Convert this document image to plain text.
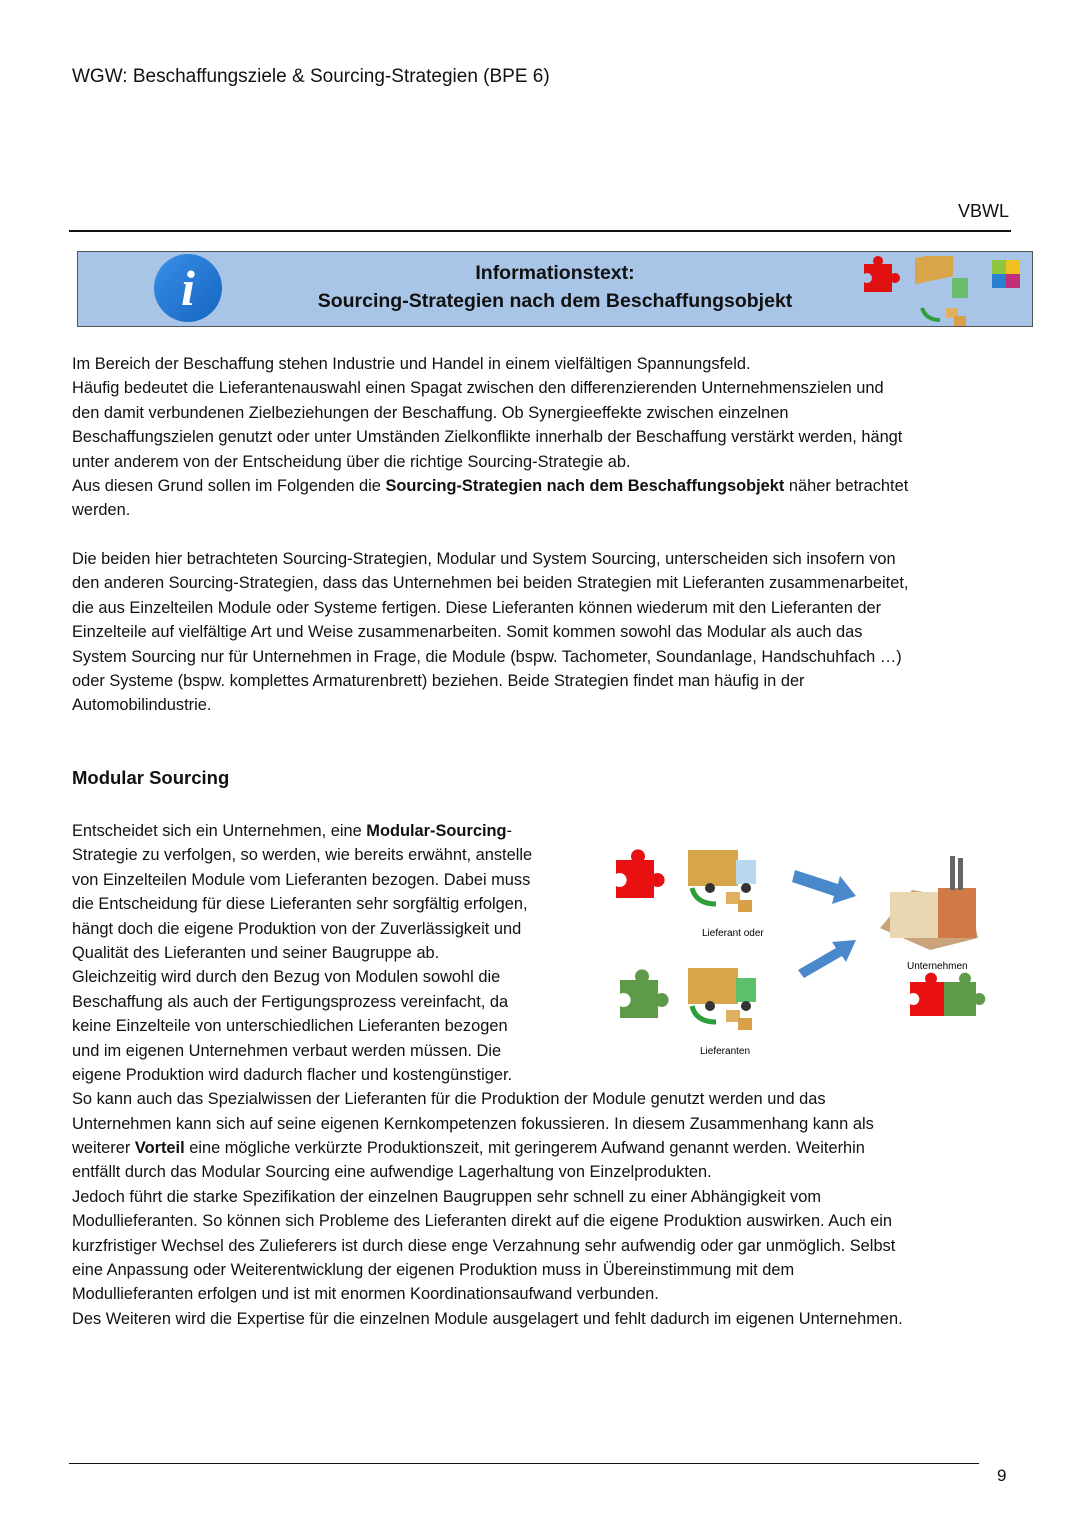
WGW: Beschaffungsziele & Sourcing-Strategien (BPE 6)
VBWL
Informationstext:
Sourcing-Strategien nach dem Beschaffungsobjekt
i
Im Bereich der Beschaffung stehen Industrie und Handel in einem vielfältigen Spannungsfeld.
Häufig bedeutet die Lieferantenauswahl einen Spagat zwischen den differenzierenden Unternehmenszielen und
den damit verbundenen Zielbeziehungen der Beschaffung. Ob Synergieeffekte zwischen einzelnen
Beschaffungszielen genutzt oder unter Umständen Zielkonflikte innerhalb der Beschaffung verstärkt werden, hängt
unter anderem von der Entscheidung über die richtige Sourcing-Strategie ab.
Aus diesen Grund sollen im Folgenden die Sourcing-Strategien nach dem Beschaffungsobjekt näher betrachtet
werden.
Die beiden hier betrachteten Sourcing-Strategien, Modular und System Sourcing, unterscheiden sich insofern von
den anderen Sourcing-Strategien, dass das Unternehmen bei beiden Strategien mit Lieferanten zusammenarbeitet,
die aus Einzelteilen Module oder Systeme fertigen. Diese Lieferanten können wiederum mit den Lieferanten der
Einzelteile auf vielfältige Art und Weise zusammenarbeiten. Somit kommen sowohl das Modular als auch das
System Sourcing nur für Unternehmen in Frage, die Module (bspw. Tachometer, Soundanlage, Handschuhfach …)
oder Systeme (bspw. komplettes Armaturenbrett) beziehen. Beide Strategien findet man häufig in der
Automobilindustrie.
Modular Sourcing
Entscheidet sich ein Unternehmen, eine Modular-Sourcing-
Strategie zu verfolgen, so werden, wie bereits erwähnt, anstelle
von Einzelteilen Module vom Lieferanten bezogen. Dabei muss
die Entscheidung für diese Lieferanten sehr sorgfältig erfolgen,
hängt doch die eigene Produktion von der Zuverlässigkeit und
Qualität des Lieferanten und seiner Baugruppe ab.
Gleichzeitig wird durch den Bezug von Modulen sowohl die
Beschaffung als auch der Fertigungsprozess vereinfacht, da
keine Einzelteile von unterschiedlichen Lieferanten bezogen
und im eigenen Unternehmen verbaut werden müssen. Die
eigene Produktion wird dadurch flacher und kostengünstiger.
So kann auch das Spezialwissen der Lieferanten für die Produktion der Module genutzt werden und das
Unternehmen kann sich auf seine eigenen Kernkompetenzen fokussieren. In diesem Zusammenhang kann als
weiterer Vorteil eine mögliche verkürzte Produktionszeit, mit geringerem Aufwand genannt werden. Weiterhin
entfällt durch das Modular Sourcing eine aufwendige Lagerhaltung von Einzelprodukten.
Jedoch führt die starke Spezifikation der einzelnen Baugruppen sehr schnell zu einer Abhängigkeit vom
Modullieferanten. So können sich Probleme des Lieferanten direkt auf die eigene Produktion auswirken. Auch ein
kurzfristiger Wechsel des Zulieferers ist durch diese enge Verzahnung sehr aufwendig oder gar unmöglich. Selbst
eine Anpassung oder Weiterentwicklung der eigenen Produktion muss in Übereinstimmung mit dem
Modullieferanten erfolgen und ist mit enormen Koordinationsaufwand verbunden.
Des Weiteren wird die Expertise für die einzelnen Module ausgelagert und fehlt dadurch im eigenen Unternehmen.
Lieferant oder
Lieferanten
Unternehmen
9
